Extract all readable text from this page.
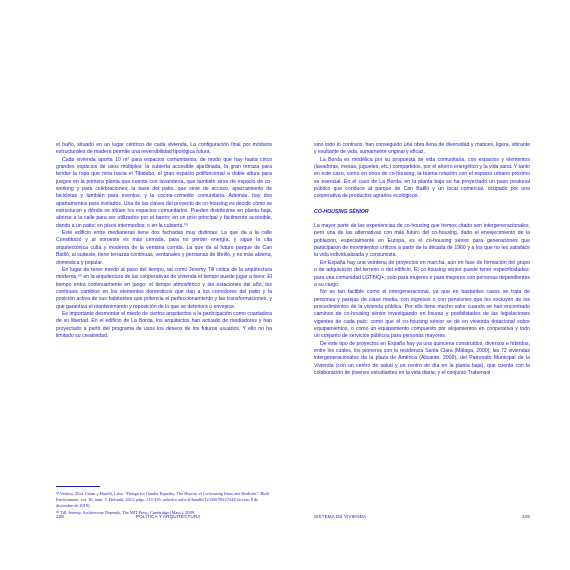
el baño, situado en un lugar céntrico de cada vivienda. La configuración final por módulos estructurales de madera permite una reversibilidad tipológica futura.

Cada vivienda aporta 10 m² para espacios comunitarios, de modo que hay hasta cinco grandes espacios de usos múltiples: la cubierta accesible ajardinada, la gran terraza para tender la ropa que mira hacia el Tibidabo, el gran espacio polifuncional a doble altura para juegos en la primera planta que cuenta con lavandería, que también sirve de espacio de co-working y para celebraciones; la base del patio, que sirve de acceso, aparcamiento de bicicletas y también para eventos, y la cocina-comedor comunitaria. Además, hay dos apartamentos para invitados. Una de las claves del proyecto de co-housing es decidir cómo se estructuran y dónde se sitúan los espacios comunitarios. Pueden distribuirse en planta baja, abrirse a la calle para ser utilizados por el barrio; en un piso principal y fácilmente accesible, dando a un patio; en pisos intermedios; o en la cubierta.⁵⁹

Este edificio entre medianeras tiene dos fachadas muy distintas. La que da a la calle Constitució y al noroeste es más cerrada, para no perder energía, y sigue la cita arquitectónica culta y moderna de la ventana corrida. La que da al futuro parque de Can Batlló, al sudeste, tiene terrazas continuas, ventanales y persianas de librillo, y es más abierta, doméstica y popular.

En lugar de tener miedo al paso del tiempo, tal como Jeremy Till critica de la arquitectura moderna,⁶⁰ en la arquitectura de las cooperativas de vivienda el tiempo puede jugar a favor. El tiempo entra continuamente en juego: el tiempo atmosférico y las estaciones del año, los continuos cambios en los elementos domésticos que dan a los corredores del patio y la posición activa de sus habitantes que potencia el perfeccionamiento y las transformaciones, y que garantiza el mantenimiento y reposición de lo que se deteriora o envejece.

Es importante desmontar el miedo de ciertos arquitectos a la participación como coartadora de su libertad. En el edificio de La Borda, los arquitectos han actuado de mediadores y han proyectado a partir del programa de usos los deseos de los futuros usuarios. Y ello no ha limitado su creatividad,

⁵⁹ Vestbro, Dick Urban y Horelli, Liisa, “Design for Gender Equality: The History of Co-housing Ideas and Realities”, Built Environment, vol. 38, núm. 3. Helsinki, 2012, págs. 315-335; aaltodoc.aalto.fi/handle/123456789/17248 (acceso 8 de diciembre de 2019).

⁶⁰ Till, Jeremy, Architecture Depends, The MIT Press, Cambridge (Mass.), 2009.

228	POLÍTICA Y ARQUITECTURA

sino todo lo contrario, han conseguido una obra llena de diversidad y matices, ligera, vibrante y exultante de vida, sumamente original y eficaz.

La Borda es modélica por su propuesta de vida comunitaria, con espacios y elementos (lavadoras, mesas, juguetes, etc.) compartidos, por el ahorro energético y la vida sana. Y tanto en este caso, como en otros de co-housing, la buena relación con el espacio urbano próximo es esencial. En el caso de La Borda, en la planta baja se ha proyectado un paso peatonal público que conduce al parque de Can Batlló y un local comercial, ocupado por una cooperativa de productos agrarios ecológicos.

CO-HOUSING SÉNIOR

La mayor parte de las experiencias de co-housing que hemos citado son intergeneracionales, pero una de las alternativas con más futuro del co-housing, dado el envejecimiento de la población, especialmente en Europa, es el co-housing sénior para generaciones que participaron de movimientos críticos a partir de la década de 1960 y a los que no les satisface la vida individualizada y consumista.

En España hay una veintena de proyectos en marcha, aún en fase de formación del grupo o de adquisición del terreno o del edificio. El co-housing sénior puede tener especificidades: para una comunidad LGTBIQ+, solo para mujeres o para mayores con personas dependientes a su cargo.

No es tan factible como el intergeneracional, ya que en bastantes casos se trata de personas y parejas de clase media, con ingresos o con pensiones que les excluyen de los procedimientos de la vivienda pública. Por ello tiene mucho valor cuando se han encontrado caminos de co-housing sénior investigando en fisuras y posibilidades de las legislaciones vigentes de cada país: como que el co-housing sénior se dé en vivienda dotacional sobre equipamientos, o como un equipamiento compuesto por alojamientos en cooperativa y todo un conjunto de servicios públicos para personas mayores.

De este tipo de proyectos en España hay ya una quincena construidos, diversos e híbridos, entre los cuales, los pioneros son la residencia Santa Clara (Málaga, 2000); las 72 viviendas intergeneracionales de la plaza de América (Alicante, 2009), del Patronato Municipal de la Vivienda (con un centro de salud y un centro de día en la planta baja), que cuenta con la colaboración de jóvenes estudiantes en la vida diaria; y el conjunto Trabensol

SISTEMA DE VIVIENDA	229
